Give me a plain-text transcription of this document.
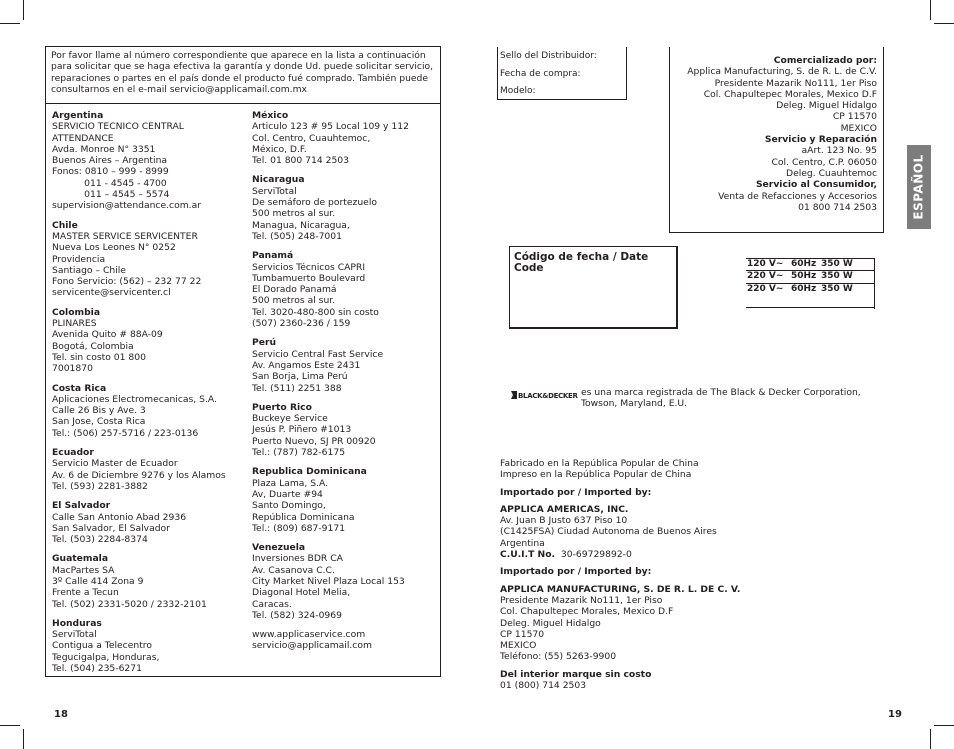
Por favor llame al número correspondiente que aparece en la lista a continuación
para solicitar que se haga efectiva la garantía y donde Ud. puede solicitar servicio,
reparaciones o partes en el país donde el producto fué comprado. También puede
consultarnos en el e-mail servicio@applicamail.com.mx
Argentina
SERVICIO TECNICO CENTRAL
ATTENDANCE
Avda. Monroe N° 3351
Buenos Aires – Argentina
Fonos: 0810 – 999 - 8999
011 - 4545 - 4700
011 – 4545 – 5574
supervision@attendance.com.ar
Chile
MASTER SERVICE SERVICENTER
Nueva Los Leones N° 0252
Providencia
Santiago – Chile
Fono Servicio: (562) – 232 77 22
servicente@servicenter.cl
Colombia
PLINARES
Avenida Quito # 88A-09
Bogotá, Colombia
Tel. sin costo 01 800
7001870
Costa Rica
Aplicaciones Electromecanicas, S.A.
Calle 26 Bis y Ave. 3
San Jose, Costa Rica
Tel.: (506) 257-5716 / 223-0136
Ecuador
Servicio Master de Ecuador
Av. 6 de Diciembre 9276 y los Alamos
Tel. (593) 2281-3882
El Salvador
Calle San Antonio Abad 2936
San Salvador, El Salvador
Tel. (503) 2284-8374
Guatemala
MacPartes SA
3º Calle 414 Zona 9
Frente a Tecun
Tel. (502) 2331-5020 / 2332-2101
Honduras
ServiTotal
Contigua a Telecentro
Tegucigalpa, Honduras,
Tel. (504) 235-6271
México
Articulo 123 # 95 Local 109 y 112
Col. Centro, Cuauhtemoc,
México, D.F.
Tel. 01 800 714 2503
Nicaragua
ServiTotal
De semáforo de portezuelo
500 metros al sur.
Managua, Nicaragua,
Tel. (505) 248-7001
Panamá
Servicios Técnicos CAPRI
Tumbamuerto Boulevard
El Dorado Panamá
500 metros al sur.
Tel. 3020-480-800 sin costo
(507) 2360-236 / 159
Perú
Servicio Central Fast Service
Av. Angamos Este 2431
San Borja, Lima Perú
Tel. (511) 2251 388
Puerto Rico
Buckeye Service
Jesús P. Piñero #1013
Puerto Nuevo, SJ PR 00920
Tel.: (787) 782-6175
Republica Dominicana
Plaza Lama, S.A.
Av, Duarte #94
Santo Domingo,
República Dominicana
Tel.: (809) 687-9171
Venezuela
Inversiones BDR CA
Av. Casanova C.C.
City Market Nivel Plaza Local 153
Diagonal Hotel Melia,
Caracas.
Tel. (582) 324-0969
www.applicaservice.com
servicio@applicamail.com
18
Sello del Distribuidor:
Fecha de compra:
Modelo:
Comercializado por:
Applica Manufacturing, S. de R. L. de C.V.
Presidente Mazarik No111, 1er Piso
Col. Chapultepec Morales, Mexico D.F
Deleg. Miguel Hidalgo
CP 11570
MEXICO
Servicio y Reparación
aArt. 123 No. 95
Col. Centro, C.P. 06050
Deleg. Cuauhtemoc
Servicio al Consumidor,
Venta de Refacciones y Accesorios
01 800 714 2503	ESPAÑOL
Código de fecha / Date Code	120 V~	60Hz	350 W
220 V~	50Hz	350 W
220 V~	60Hz	350 W
BLACK&DECKER es una marca registrada de The Black & Decker Corporation,
Towson, Maryland, E.U.
Fabricado en la República Popular de China
Impreso en la República Popular de China
Importado por / Imported by:
APPLICA AMERICAS, INC.
Av. Juan B Justo 637 Piso 10
(C1425FSA) Ciudad Autonoma de Buenos Aires
Argentina
C.U.I.T No. 30-69729892-0
Importado por / Imported by:
APPLICA MANUFACTURING, S. DE R. L. DE C. V.
Presidente Mazarik No111, 1er Piso
Col. Chapultepec Morales, Mexico D.F
Deleg. Miguel Hidalgo
CP 11570
MEXICO
Teléfono: (55) 5263-9900
Del interior marque sin costo
01 (800) 714 2503
19
